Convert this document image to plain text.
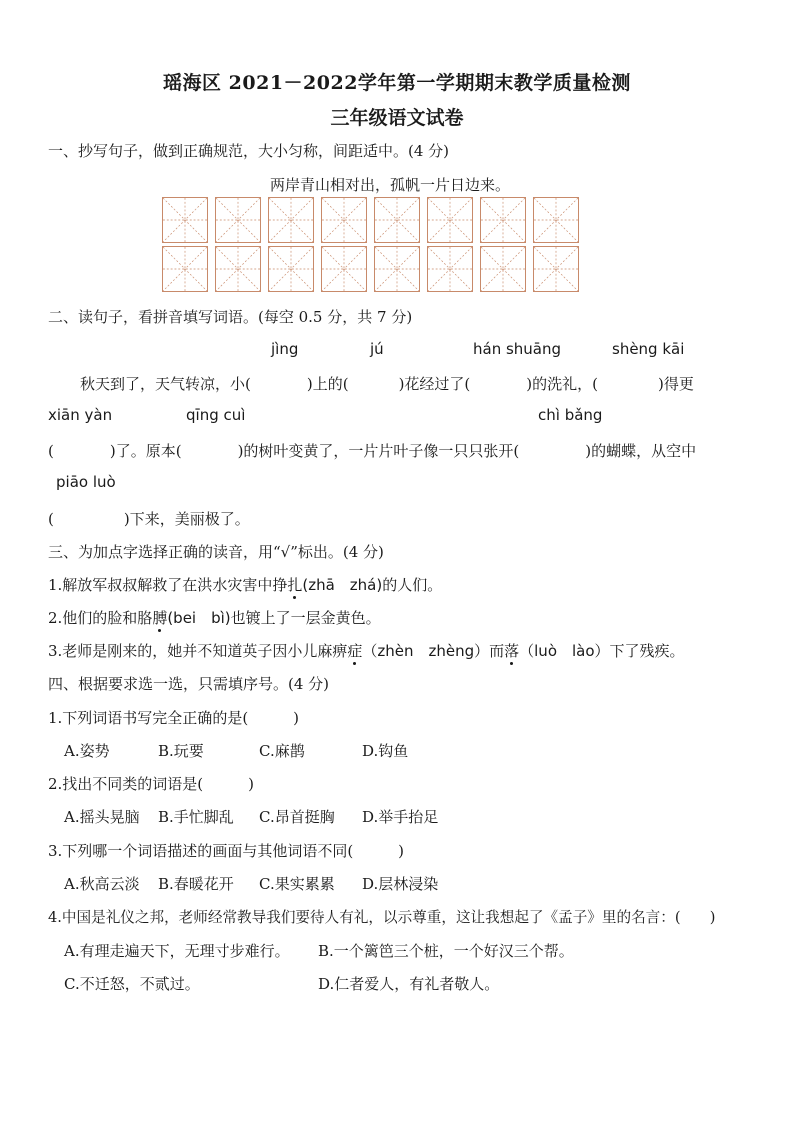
瑶海区 2021－2022学年第一学期期末教学质量检测
三年级语文试卷
一、抄写句子，做到正确规范，大小匀称，间距适中。(4 分)
两岸青山相对出，孤帆一片日边来。
二、读句子，看拼音填写词语。(每空 0.5 分，共 7 分)
jìng	jú	hán shuāng	shèng kāi
秋天到了，天气转凉，小(	)上的(	)花经过了(	)的洗礼，(	)得更
xiān yàn	qīng cuì	chì bǎng
(	)了。原本(	)的树叶变黄了，一片片叶子像一只只张开(	)的蝴蝶，从空中
piāo luò
(	)下来，美丽极了。
三、为加点字选择正确的读音，用“√”标出。(4 分)
1.解放军叔叔解救了在洪水灾害中挣扎(zhā　zhá)的人们。
2.他们的脸和胳膊(bei　bì)也镀上了一层金黄色。
3.老师是刚来的，她并不知道英子因小儿麻痹症（zhèn　zhèng）而落（luò　lào）下了残疾。
四、根据要求选一选，只需填序号。(4 分)
1.下列词语书写完全正确的是(　　　)
A.姿势	B.玩要	C.麻鹊	D.钩鱼
2.找出不同类的词语是(　　　)
A.摇头晃脑 B.手忙脚乱 C.昂首挺胸 D.举手抬足
3.下列哪一个词语描述的画面与其他词语不同(　　　)
A.秋高云淡 B.春暖花开 C.果实累累 D.层林浸染
4.中国是礼仪之邦，老师经常教导我们要待人有礼，以示尊重，这让我想起了《孟子》里的名言：(　　)
A.有理走遍天下，无理寸步难行。 B.一个篱笆三个桩，一个好汉三个帮。
C.不迁怒，不贰过。	D.仁者爱人，有礼者敬人。
